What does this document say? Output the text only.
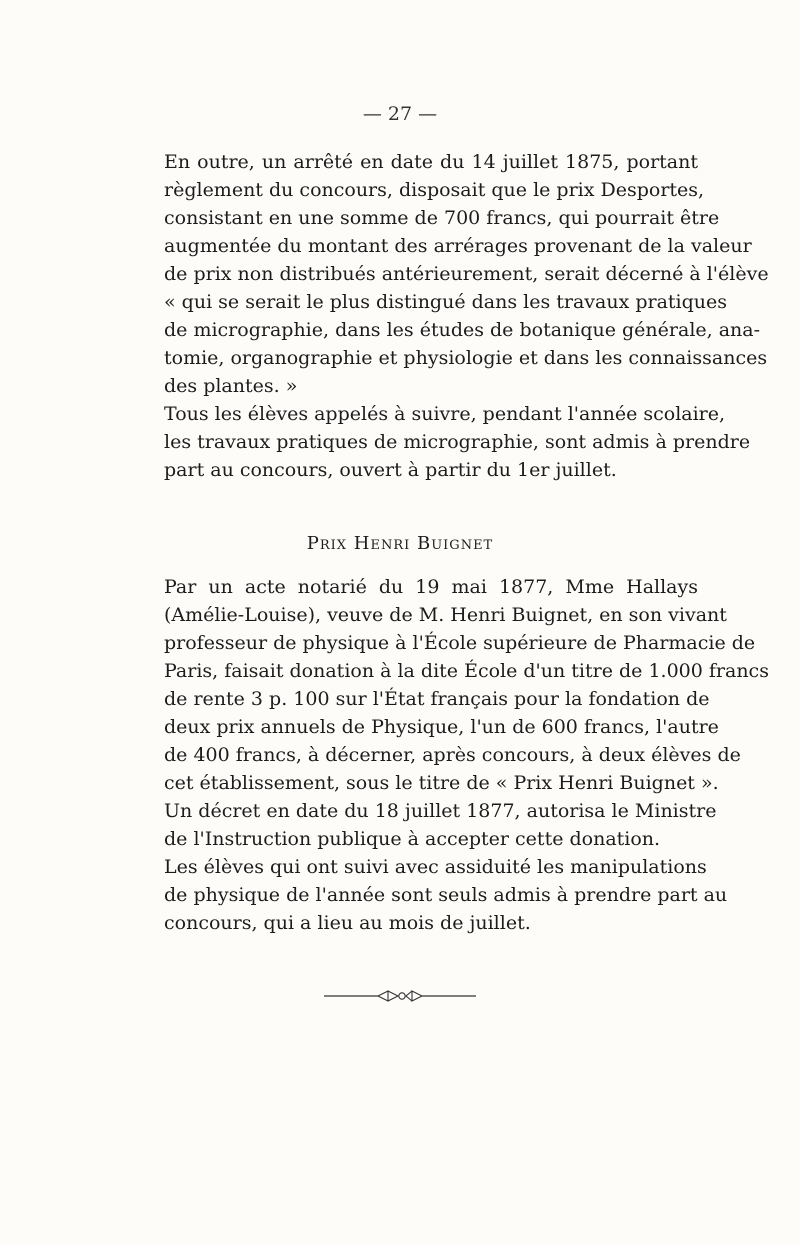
— 27 —
En outre, un arrêté en date du 14 juillet 1875, portant
règlement du concours, disposait que le prix Desportes,
consistant en une somme de 700 francs, qui pourrait être
augmentée du montant des arrérages provenant de la valeur
de prix non distribués antérieurement, serait décerné à l'élève
« qui se serait le plus distingué dans les travaux pratiques
de micrographie, dans les études de botanique générale, ana-
tomie, organographie et physiologie et dans les connaissances
des plantes. »
Tous les élèves appelés à suivre, pendant l'année scolaire,
les travaux pratiques de micrographie, sont admis à prendre
part au concours, ouvert à partir du 1er juillet.
Prix Henri Buignet
Par un acte notarié du 19 mai 1877, Mme Hallays
(Amélie-Louise), veuve de M. Henri Buignet, en son vivant
professeur de physique à l'École supérieure de Pharmacie de
Paris, faisait donation à la dite École d'un titre de 1.000 francs
de rente 3 p. 100 sur l'État français pour la fondation de
deux prix annuels de Physique, l'un de 600 francs, l'autre
de 400 francs, à décerner, après concours, à deux élèves de
cet établissement, sous le titre de « Prix Henri Buignet ».
Un décret en date du 18 juillet 1877, autorisa le Ministre
de l'Instruction publique à accepter cette donation.
Les élèves qui ont suivi avec assiduité les manipulations
de physique de l'année sont seuls admis à prendre part au
concours, qui a lieu au mois de juillet.
